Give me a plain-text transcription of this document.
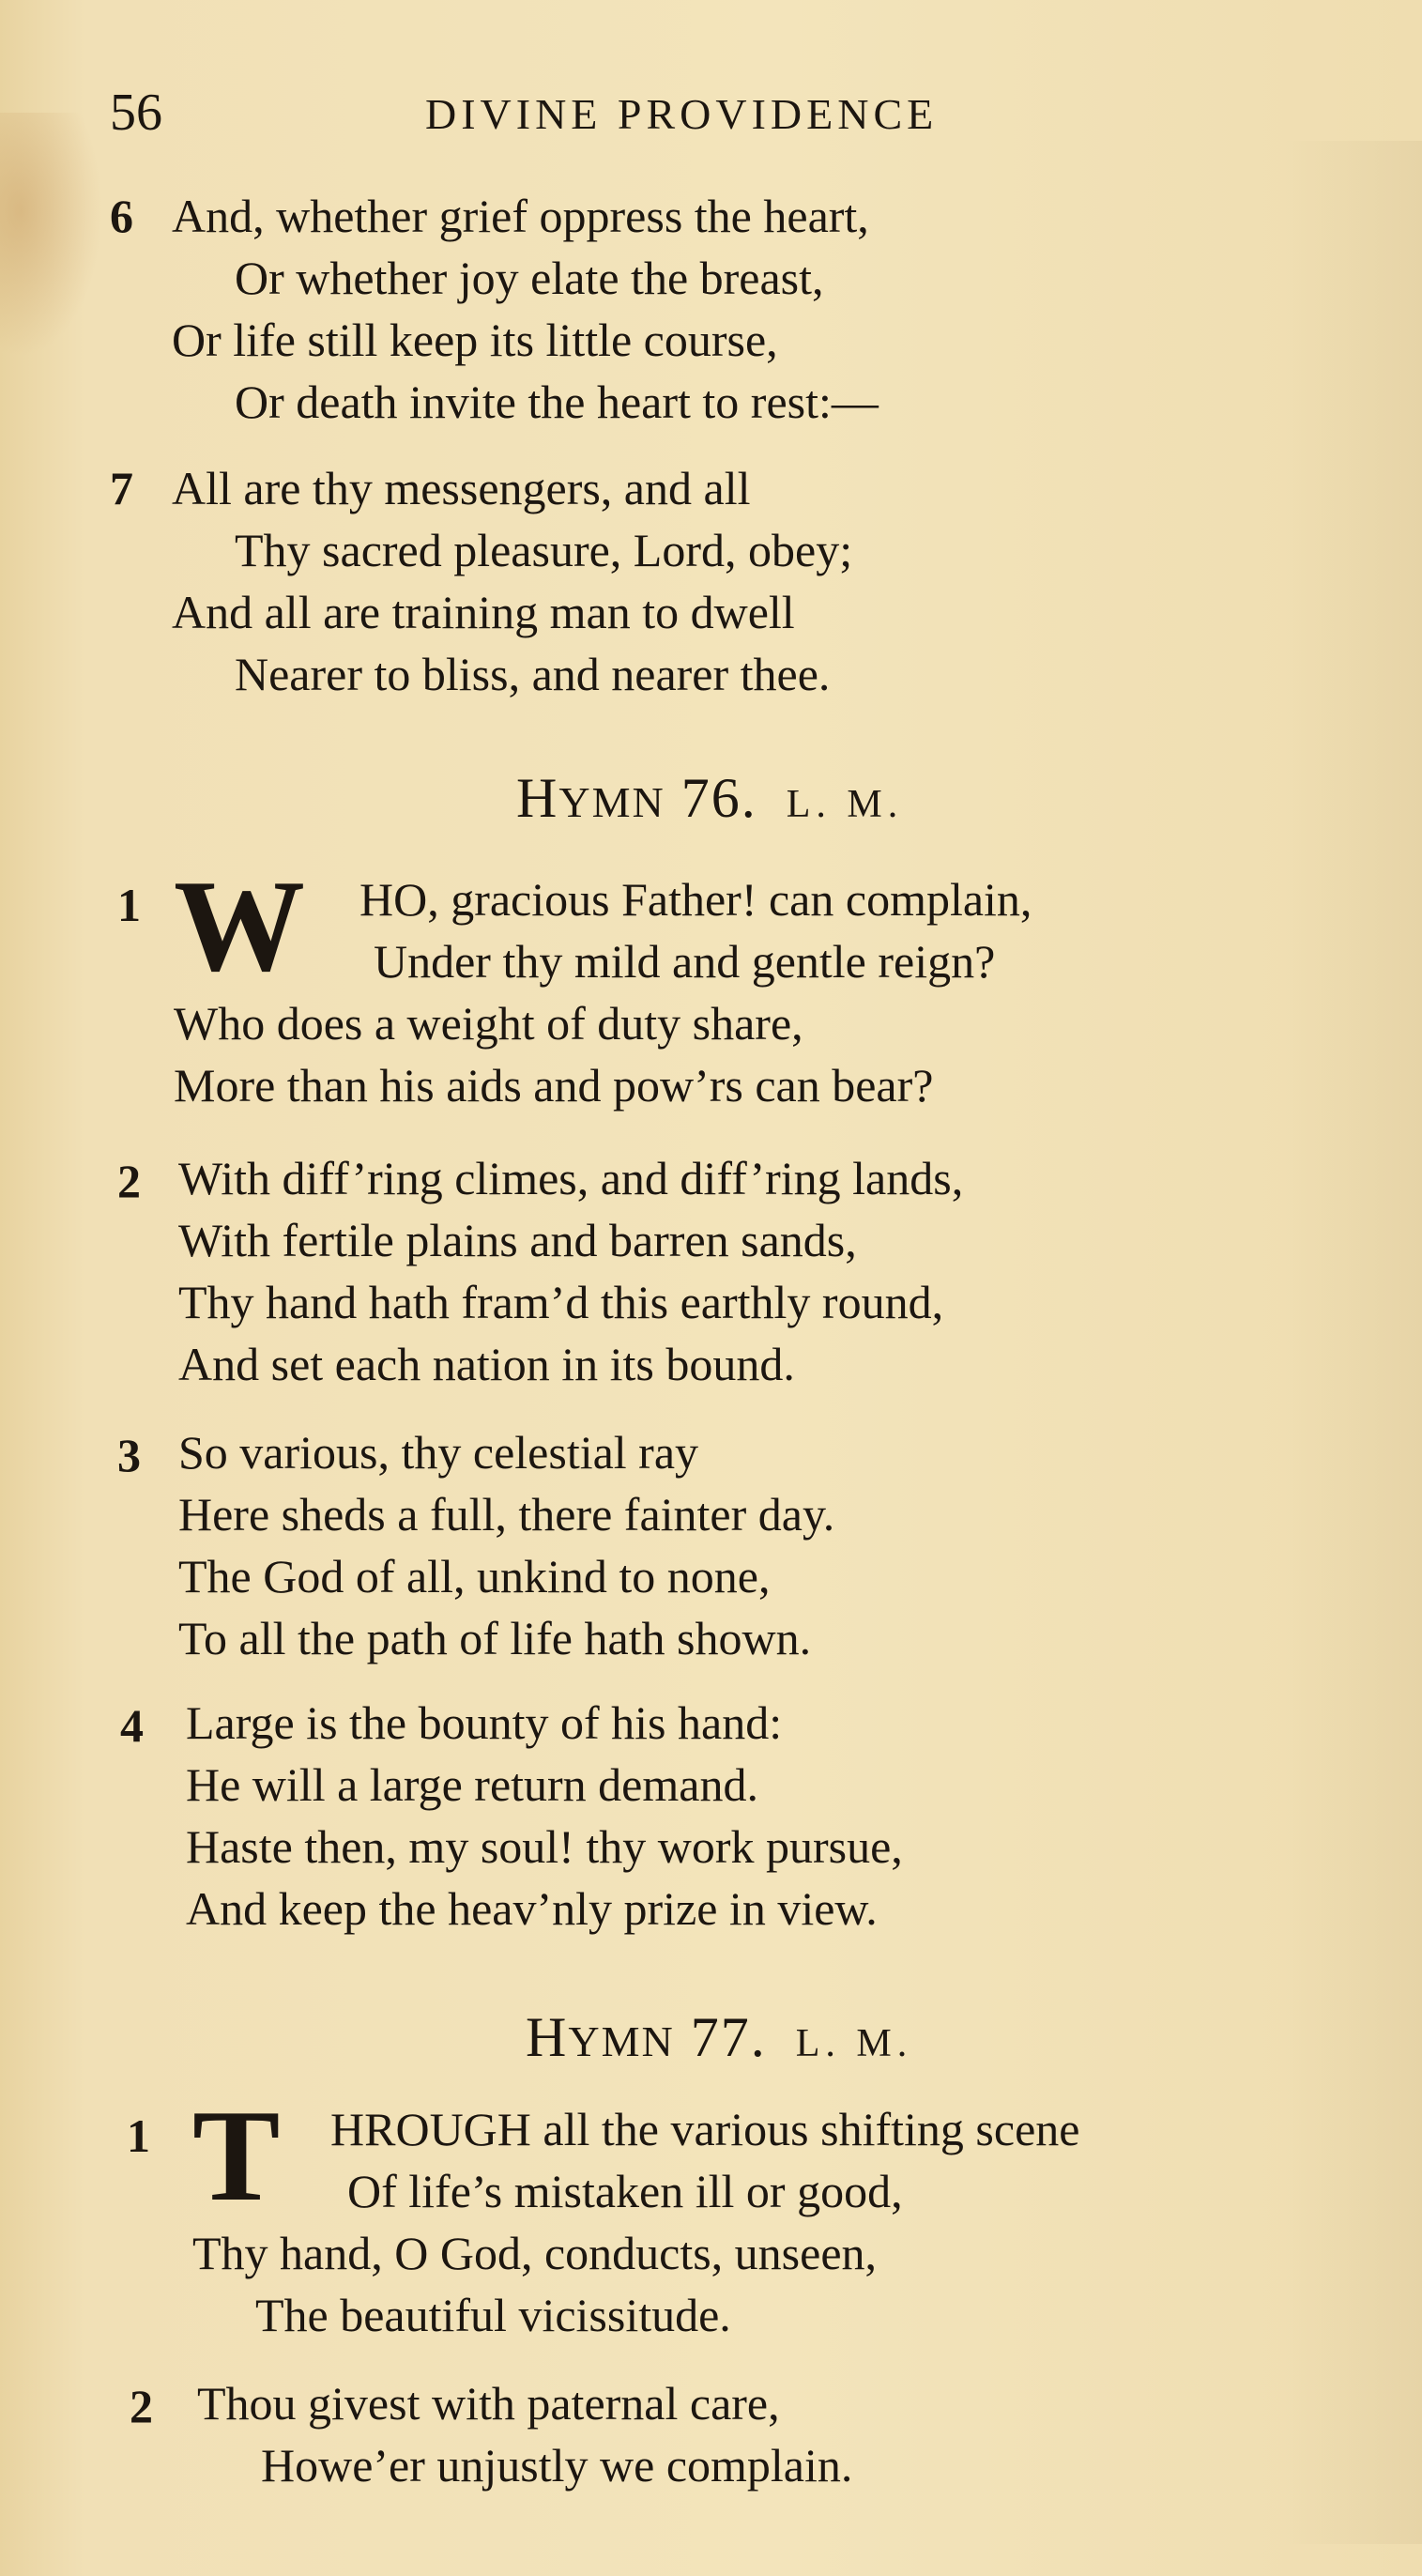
56	DIVINE PROVIDENCE
6 And, whether grief oppress the heart,
Or whether joy elate the breast,
Or life still keep its little course,
Or death invite the heart to rest:—
7 All are thy messengers, and all
Thy sacred pleasure, Lord, obey;
And all are training man to dwell
Nearer to bliss, and nearer thee.
HYMN 76. L. M.
1 W HO, gracious Father! can complain,
Under thy mild and gentle reign?
Who does a weight of duty share,
More than his aids and pow’rs can bear?
2 With diff’ring climes, and diff’ring lands,
With fertile plains and barren sands,
Thy hand hath fram’d this earthly round,
And set each nation in its bound.
3 So various, thy celestial ray
Here sheds a full, there fainter day.
The God of all, unkind to none,
To all the path of life hath shown.
4 Large is the bounty of his hand:
He will a large return demand.
Haste then, my soul! thy work pursue,
And keep the heav’nly prize in view.
HYMN 77. L. M.
1 T HROUGH all the various shifting scene
Of life’s mistaken ill or good,
Thy hand, O God, conducts, unseen,
The beautiful vicissitude.
2 Thou givest with paternal care,
Howe’er unjustly we complain.
